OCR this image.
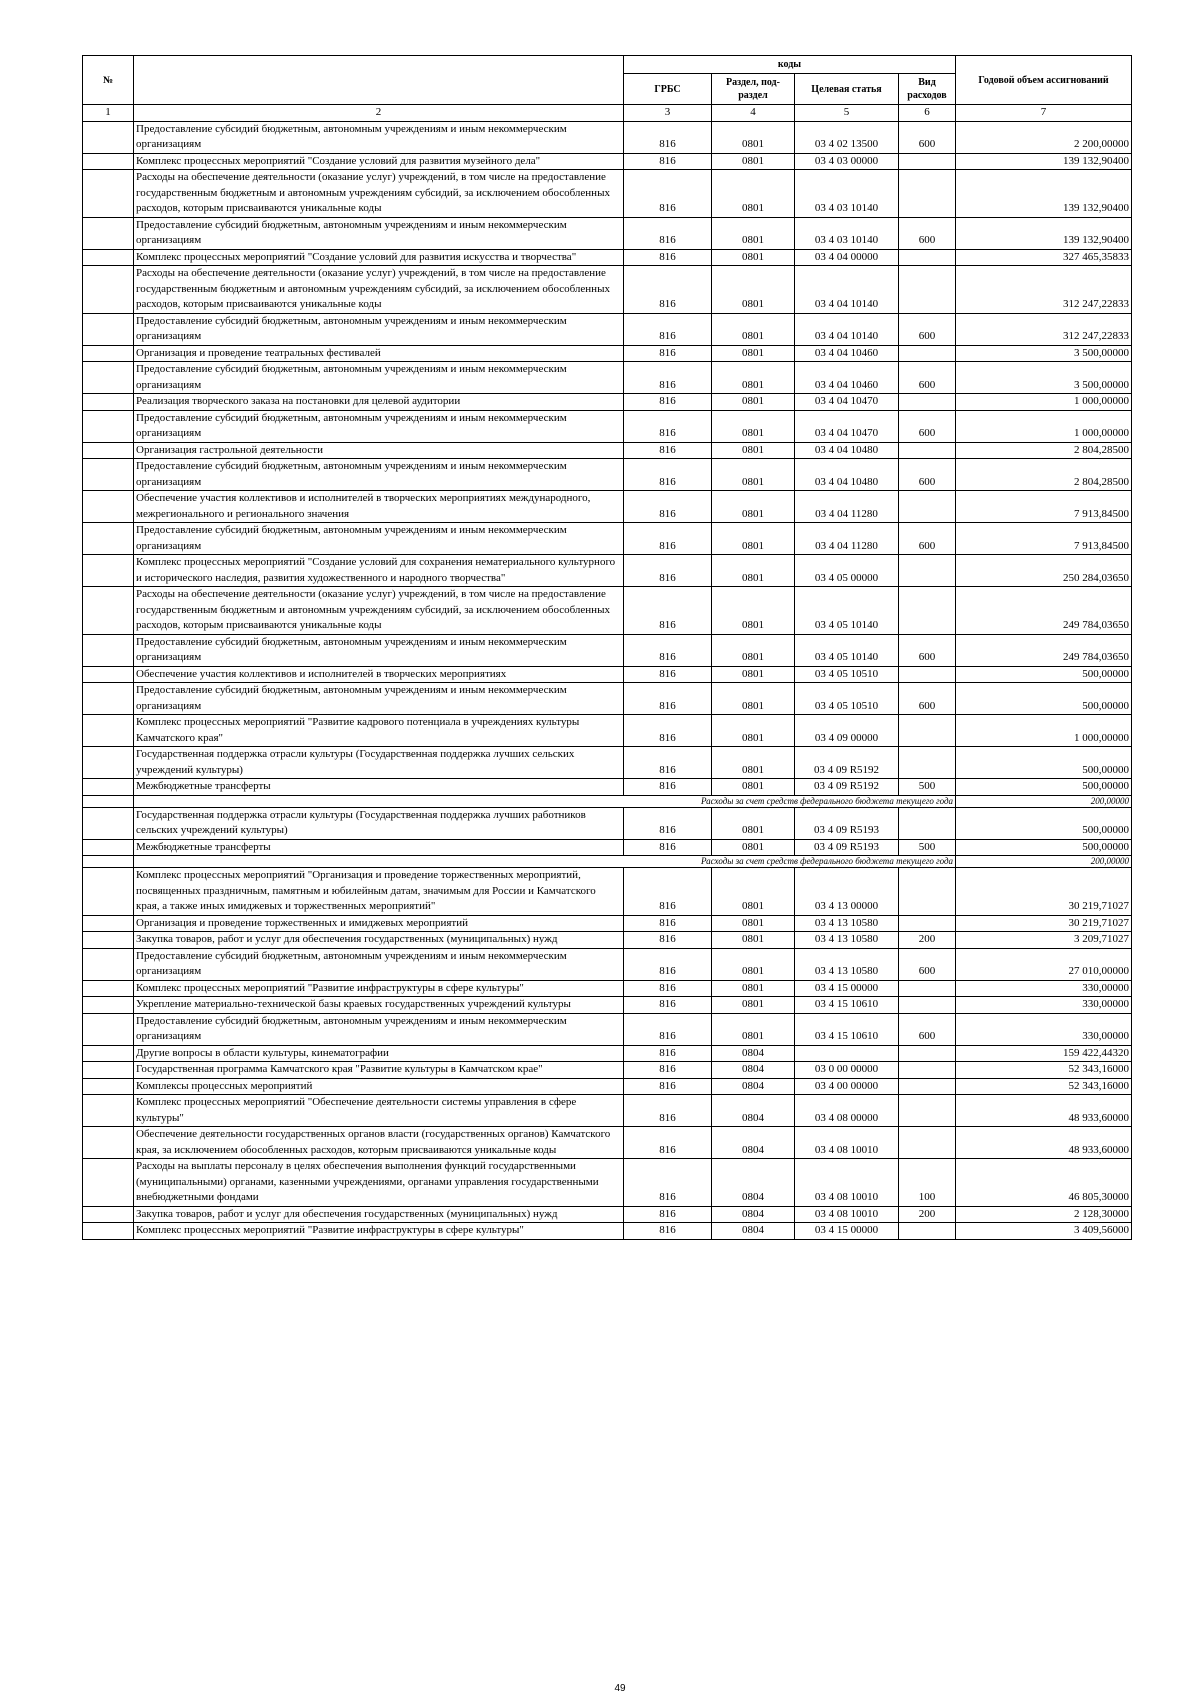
№		коды				Годовой объем ассигнований
		ГРБС	Раздел, под-раздел	Целевая статья	Вид расходов	
1	2	3	4	5	6	7
	Предоставление субсидий бюджетным, автономным учреждениям и иным некоммерческим организациям	816	0801	03 4 02 13500	600	2 200,00000
	Комплекс процессных мероприятий "Создание условий для развития музейного дела"	816	0801	03 4 03 00000		139 132,90400
	Расходы на обеспечение деятельности (оказание услуг) учреждений, в том числе на предоставление государственным бюджетным и автономным учреждениям субсидий, за исключением обособленных расходов, которым присваиваются уникальные коды	816	0801	03 4 03 10140		139 132,90400
	Предоставление субсидий бюджетным, автономным учреждениям и иным некоммерческим организациям	816	0801	03 4 03 10140	600	139 132,90400
	Комплекс процессных мероприятий "Создание условий для развития искусства и творчества"	816	0801	03 4 04 00000		327 465,35833
	Расходы на обеспечение деятельности (оказание услуг) учреждений, в том числе на предоставление государственным бюджетным и автономным учреждениям субсидий, за исключением обособленных расходов, которым присваиваются уникальные коды	816	0801	03 4 04 10140		312 247,22833
	Предоставление субсидий бюджетным, автономным учреждениям и иным некоммерческим организациям	816	0801	03 4 04 10140	600	312 247,22833
	Организация и проведение театральных фестивалей	816	0801	03 4 04 10460		3 500,00000
	Предоставление субсидий бюджетным, автономным учреждениям и иным некоммерческим организациям	816	0801	03 4 04 10460	600	3 500,00000
	Реализация творческого заказа на постановки для целевой аудитории	816	0801	03 4 04 10470		1 000,00000
	Предоставление субсидий бюджетным, автономным учреждениям и иным некоммерческим организациям	816	0801	03 4 04 10470	600	1 000,00000
	Организация гастрольной деятельности	816	0801	03 4 04 10480		2 804,28500
	Предоставление субсидий бюджетным, автономным учреждениям и иным некоммерческим организациям	816	0801	03 4 04 10480	600	2 804,28500
	Обеспечение участия коллективов и исполнителей в творческих мероприятиях международного, межрегионального и регионального значения	816	0801	03 4 04 11280		7 913,84500
	Предоставление субсидий бюджетным, автономным учреждениям и иным некоммерческим организациям	816	0801	03 4 04 11280	600	7 913,84500
	Комплекс процессных мероприятий "Создание условий для сохранения нематериального культурного и исторического наследия, развития художественного и народного творчества"	816	0801	03 4 05 00000		250 284,03650
	Расходы на обеспечение деятельности (оказание услуг) учреждений, в том числе на предоставление государственным бюджетным и автономным учреждениям субсидий, за исключением обособленных расходов, которым присваиваются уникальные коды	816	0801	03 4 05 10140		249 784,03650
	Предоставление субсидий бюджетным, автономным учреждениям и иным некоммерческим организациям	816	0801	03 4 05 10140	600	249 784,03650
	Обеспечение участия коллективов и исполнителей в творческих мероприятиях	816	0801	03 4 05 10510		500,00000
	Предоставление субсидий бюджетным, автономным учреждениям и иным некоммерческим организациям	816	0801	03 4 05 10510	600	500,00000
	Комплекс процессных мероприятий "Развитие кадрового потенциала в учреждениях культуры Камчатского края"	816	0801	03 4 09 00000		1 000,00000
	Государственная поддержка отрасли культуры (Государственная поддержка лучших сельских учреждений культуры)	816	0801	03 4 09 R5192		500,00000
	Межбюджетные трансферты	816	0801	03 4 09 R5192	500	500,00000
	Расходы за счет средств федерального бюджета текущего года					200,00000
	Государственная поддержка отрасли культуры (Государственная поддержка лучших работников сельских учреждений культуры)	816	0801	03 4 09 R5193		500,00000
	Межбюджетные трансферты	816	0801	03 4 09 R5193	500	500,00000
	Расходы за счет средств федерального бюджета текущего года					200,00000
	Комплекс процессных мероприятий "Организация и проведение торжественных мероприятий, посвященных праздничным, памятным и юбилейным датам, значимым для России и Камчатского края, а также иных имиджевых и торжественных мероприятий"	816	0801	03 4 13 00000		30 219,71027
	Организация и проведение торжественных и имиджевых мероприятий	816	0801	03 4 13 10580		30 219,71027
	Закупка товаров, работ и услуг для обеспечения государственных (муниципальных) нужд	816	0801	03 4 13 10580	200	3 209,71027
	Предоставление субсидий бюджетным, автономным учреждениям и иным некоммерческим организациям	816	0801	03 4 13 10580	600	27 010,00000
	Комплекс процессных мероприятий "Развитие инфраструктуры в сфере культуры"	816	0801	03 4 15 00000		330,00000
	Укрепление материально-технической базы краевых государственных учреждений культуры	816	0801	03 4 15 10610		330,00000
	Предоставление субсидий бюджетным, автономным учреждениям и иным некоммерческим организациям	816	0801	03 4 15 10610	600	330,00000
	Другие вопросы в области культуры, кинематографии	816	0804			159 422,44320
	Государственная программа Камчатского края "Развитие культуры в Камчатском крае"	816	0804	03 0 00 00000		52 343,16000
	Комплексы процессных мероприятий	816	0804	03 4 00 00000		52 343,16000
	Комплекс процессных мероприятий "Обеспечение деятельности системы управления в сфере культуры"	816	0804	03 4 08 00000		48 933,60000
	Обеспечение деятельности государственных органов власти (государственных органов) Камчатского края, за исключением обособленных расходов, которым присваиваются уникальные коды	816	0804	03 4 08 10010		48 933,60000
	Расходы на выплаты персоналу в целях обеспечения выполнения функций государственными (муниципальными) органами, казенными учреждениями, органами управления государственными внебюджетными фондами	816	0804	03 4 08 10010	100	46 805,30000
	Закупка товаров, работ и услуг для обеспечения государственных (муниципальных) нужд	816	0804	03 4 08 10010	200	2 128,30000
	Комплекс процессных мероприятий "Развитие инфраструктуры в сфере культуры"	816	0804	03 4 15 00000		3 409,56000
49
